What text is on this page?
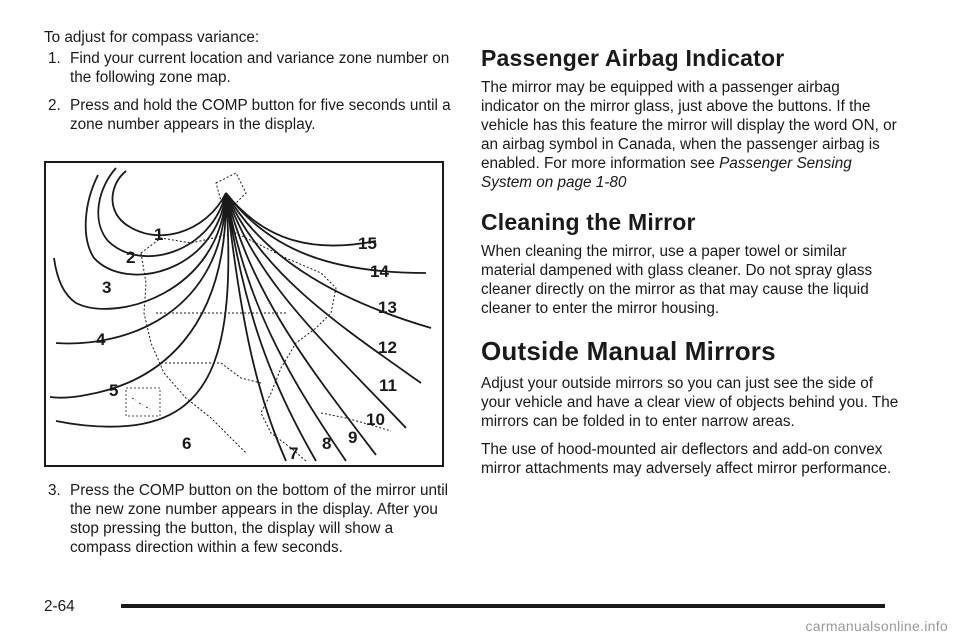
To adjust for compass variance:

1. Find your current location and variance zone number on the following zone map.
2. Press and hold the COMP button for five seconds until a zone number appears in the display.
1
2
3
4
5
6
7
8 9
10
11
12
13
14
15
3. Press the COMP button on the bottom of the mirror until the new zone number appears in the display. After you stop pressing the button, the display will show a compass direction within a few seconds.
Passenger Airbag Indicator

The mirror may be equipped with a passenger airbag indicator on the mirror glass, just above the buttons. If the vehicle has this feature the mirror will display the word ON, or an airbag symbol in Canada, when the passenger airbag is enabled. For more information see Passenger Sensing System on page 1-80

Cleaning the Mirror

When cleaning the mirror, use a paper towel or similar material dampened with glass cleaner. Do not spray glass cleaner directly on the mirror as that may cause the liquid cleaner to enter the mirror housing.

Outside Manual Mirrors

Adjust your outside mirrors so you can just see the side of your vehicle and have a clear view of objects behind you. The mirrors can be folded in to enter narrow areas.

The use of hood-mounted air deflectors and add-on convex mirror attachments may adversely affect mirror performance.

2-64
carmanualsonline.info
